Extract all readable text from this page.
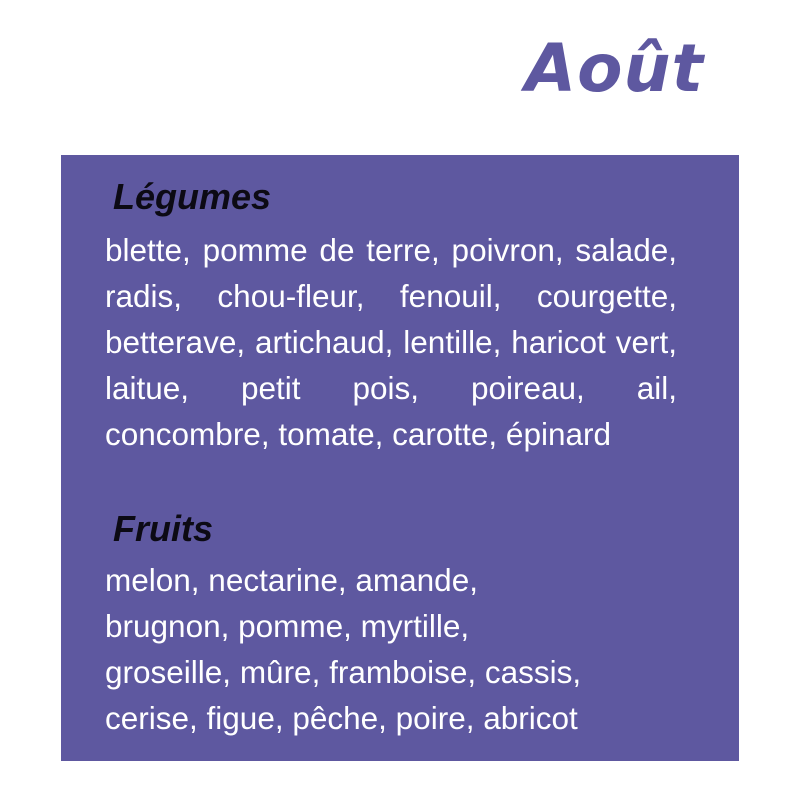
Août
Légumes

blette, pomme de terre, poivron, salade, radis, chou-fleur, fenouil, courgette, betterave, artichaud, lentille, haricot vert, laitue, petit pois, poireau, ail, concombre, tomate, carotte, épinard

Fruits
melon, nectarine, amande,
brugnon, pomme, myrtille,
groseille, mûre, framboise, cassis,
cerise, figue, pêche, poire, abricot
